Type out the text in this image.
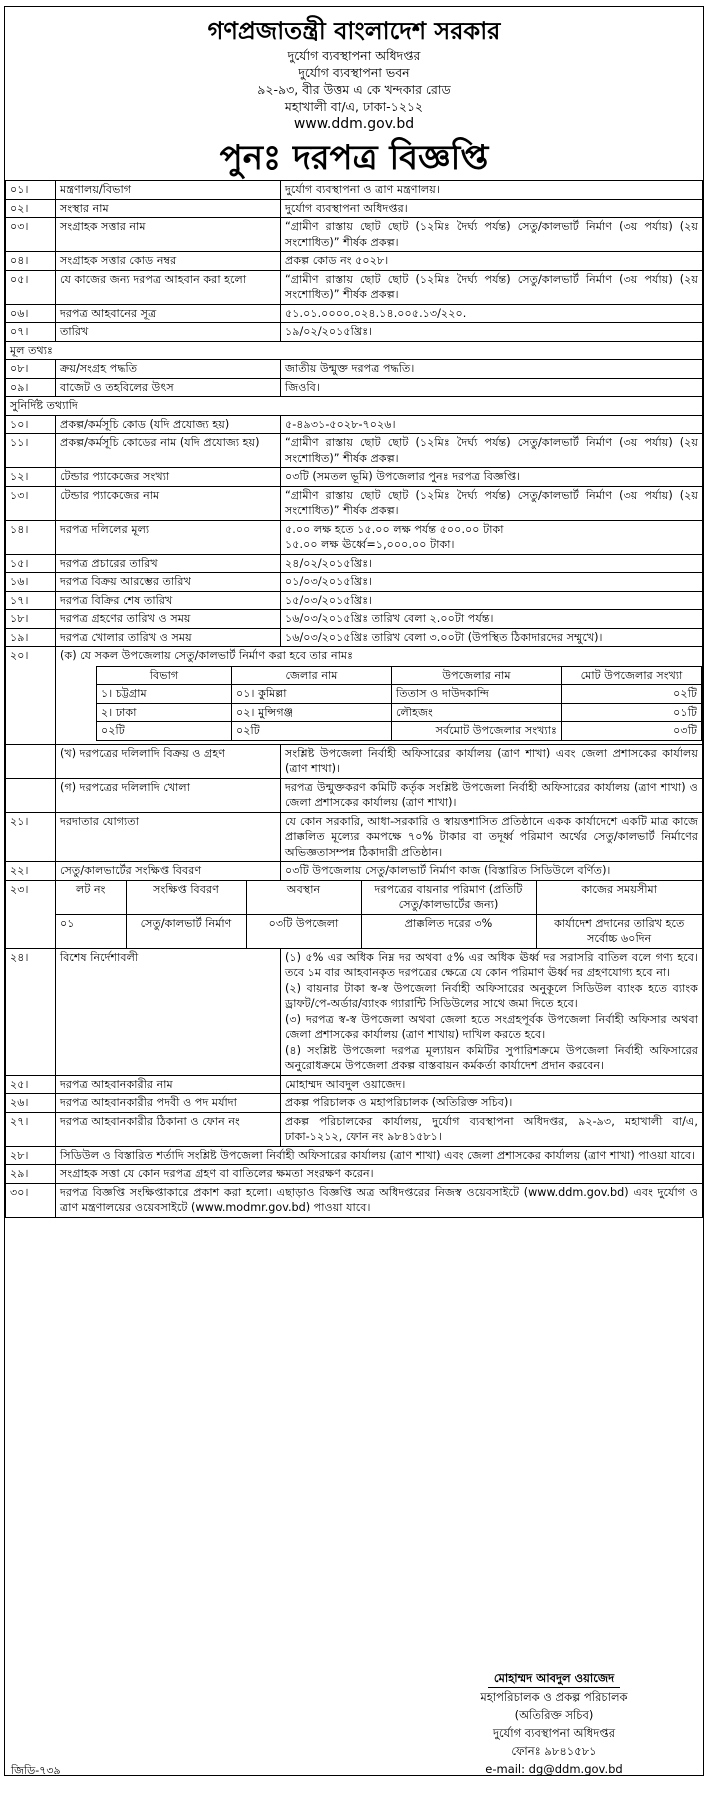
গণপ্রজাতন্ত্রী বাংলাদেশ সরকার
দুর্যোগ ব্যবস্থাপনা অধিদপ্তর
দুর্যোগ ব্যবস্থাপনা ভবন
৯২-৯৩, বীর উত্তম এ কে খন্দকার রোড
মহাখালী বা/এ, ঢাকা-১২১২
www.ddm.gov.bd
পুনঃ দরপত্র বিজ্ঞপ্তি
০১।	মন্ত্রণালয়/বিভাগ	দুর্যোগ ব্যবস্থাপনা ও ত্রাণ মন্ত্রণালয়।
০২।	সংস্থার নাম	দুর্যোগ ব্যবস্থাপনা অধিদপ্তর।
০৩।	সংগ্রাহক সত্তার নাম	“গ্রামীণ রাস্তায় ছোট ছোট (১২মিঃ দৈর্ঘ্য পর্যন্ত) সেতু/কালভার্ট নির্মাণ (৩য় পর্যায়) (২য় সংশোধিত)” শীর্ষক প্রকল্প।
০৪।	সংগ্রাহক সত্তার কোড নম্বর	প্রকল্প কোড নং ৫০২৮।
০৫।	যে কাজের জন্য দরপত্র আহবান করা হলো	“গ্রামীণ রাস্তায় ছোট ছোট (১২মিঃ দৈর্ঘ্য পর্যন্ত) সেতু/কালভার্ট নির্মাণ (৩য় পর্যায়) (২য় সংশোধিত)” শীর্ষক প্রকল্প।
০৬।	দরপত্র আহবানের সূত্র	৫১.০১.০০০০.০২৪.১৪.০০৫.১৩/২২০.
০৭।	তারিখ	১৯/০২/২০১৫খ্রিঃ।
মূল তথ্যঃ
০৮।	ক্রয়/সংগ্রহ পদ্ধতি	জাতীয় উন্মুক্ত দরপত্র পদ্ধতি।
০৯।	বাজেট ও তহবিলের উৎস	জিওবি।
সুনির্দিষ্ট তথ্যাদি
১০।	প্রকল্প/কর্মসূচি কোড (যদি প্রযোজ্য হয়)	৫-৪৯৩১-৫০২৮-৭০২৬।
১১।	প্রকল্প/কর্মসূচি কোডের নাম (যদি প্রযোজ্য হয়)	“গ্রামীণ রাস্তায় ছোট ছোট (১২মিঃ দৈর্ঘ্য পর্যন্ত) সেতু/কালভার্ট নির্মাণ (৩য় পর্যায়) (২য় সংশোধিত)” শীর্ষক প্রকল্প।
১২।	টেন্ডার প্যাকেজের সংখ্যা	০৩টি (সমতল ভূমি) উপজেলার পুনঃ দরপত্র বিজ্ঞপ্তি।
১৩।	টেন্ডার প্যাকেজের নাম	“গ্রামীণ রাস্তায় ছোট ছোট (১২মিঃ দৈর্ঘ্য পর্যন্ত) সেতু/কালভার্ট নির্মাণ (৩য় পর্যায়) (২য় সংশোধিত)” শীর্ষক প্রকল্প।
১৪।	দরপত্র দলিলের মূল্য	৫.০০ লক্ষ হতে ১৫.০০ লক্ষ পর্যন্ত ৫০০.০০ টাকা
১৫.০০ লক্ষ ঊর্ধ্বে=১,০০০.০০ টাকা।

১৫।	দরপত্র প্রচারের তারিখ	২৪/০২/২০১৫খ্রিঃ।
১৬।	দরপত্র বিক্রয় আরম্ভের তারিখ	০১/০৩/২০১৫খ্রিঃ।
১৭।	দরপত্র বিক্রির শেষ তারিখ	১৫/০৩/২০১৫খ্রিঃ।
১৮।	দরপত্র গ্রহণের তারিখ ও সময়	১৬/০৩/২০১৫খ্রিঃ তারিখ বেলা ২.০০টা পর্যন্ত।
১৯।	দরপত্র খোলার তারিখ ও সময়	১৬/০৩/২০১৫খ্রিঃ তারিখ বেলা ৩.০০টা (উপস্থিত ঠিকাদারদের সম্মুখে)।
২০।	(ক) যে সকল উপজেলায় সেতু/কালভার্ট নির্মাণ করা হবে তার নামঃ
বিভাগ	জেলার নাম	উপজেলার নাম	মোট উপজেলার সংখ্যা
১। চট্টগ্রাম	০১। কুমিল্লা	তিতাস ও দাউদকান্দি	০২টি
২। ঢাকা	০২। মুন্সিগঞ্জ	লৌহজং	০১টি
০২টি	০২টি	সর্বমোট উপজেলার সংখ্যাঃ	০৩টি

	(খ) দরপত্রের দলিলাদি বিক্রয় ও গ্রহণ	সংশ্লিষ্ট উপজেলা নির্বাহী অফিসারের কার্যালয় (ত্রাণ শাখা) এবং জেলা প্রশাসকের কার্যালয় (ত্রাণ শাখা)।
	(গ) দরপত্রের দলিলাদি খোলা	দরপত্র উন্মুক্তকরণ কমিটি কর্তৃক সংশ্লিষ্ট উপজেলা নির্বাহী অফিসারের কার্যালয় (ত্রাণ শাখা) ও জেলা প্রশাসকের কার্যালয় (ত্রাণ শাখা)।
২১।	দরদাতার যোগ্যতা	যে কোন সরকারি, আধা-সরকারি ও স্বায়ত্তশাসিত প্রতিষ্ঠানে একক কার্যাদেশে একটি মাত্র কাজে প্রাক্কলিত মূল্যের কমপক্ষে ৭০% টাকার বা তদূর্ধ্ব পরিমাণ অর্থের সেতু/কালভার্ট নির্মাণের অভিজ্ঞতাসম্পন্ন ঠিকাদারী প্রতিষ্ঠান।
২২।	সেতু/কালভার্টের সংক্ষিপ্ত বিবরণ	০৩টি উপজেলায় সেতু/কালভার্ট নির্মাণ কাজ (বিস্তারিত সিডিউলে বর্ণিত)।
২৩।		লট নং	সংক্ষিপ্ত বিবরণ	অবস্থান	দরপত্রের বায়নার পরিমাণ (প্রতিটি সেতু/কালভার্টের জন্য)	কাজের সময়সীমা
০১	সেতু/কালভার্ট নির্মাণ	০৩টি উপজেলা	প্রাক্কলিত দরের ৩%	কার্যাদেশ প্রদানের তারিখ হতে সর্বোচ্চ ৬০দিন

২৪।	বিশেষ নির্দেশাবলী	(১) ৫% এর অধিক নিম্ন দর অথবা ৫% এর অধিক ঊর্ধ্ব দর সরাসরি বাতিল বলে গণ্য হবে। তবে ১ম বার আহবানকৃত দরপত্রের ক্ষেত্রে যে কোন পরিমাণ ঊর্ধ্ব দর গ্রহণযোগ্য হবে না।
(২) বায়নার টাকা স্ব-স্ব উপজেলা নির্বাহী অফিসারের অনুকূলে সিডিউল ব্যাংক হতে ব্যাংক ড্রাফট/পে-অর্ডার/ব্যাংক গ্যারান্টি সিডিউলের সাথে জমা দিতে হবে।
(৩) দরপত্র স্ব-স্ব উপজেলা অথবা জেলা হতে সংগ্রহপূর্বক উপজেলা নির্বাহী অফিসার অথবা জেলা প্রশাসকের কার্যালয় (ত্রাণ শাখায়) দাখিল করতে হবে।
(৪) সংশ্লিষ্ট উপজেলা দরপত্র মূল্যায়ন কমিটির সুপারিশক্রমে উপজেলা নির্বাহী অফিসারের অনুরোধক্রমে উপজেলা প্রকল্প বাস্তবায়ন কর্মকর্তা কার্যাদেশ প্রদান করবেন।

২৫।	দরপত্র আহবানকারীর নাম	মোহাম্মদ আবদুল ওয়াজেদ।
২৬।	দরপত্র আহবানকারীর পদবী ও পদ মর্যাদা	প্রকল্প পরিচালক ও মহাপরিচালক (অতিরিক্ত সচিব)।
২৭।	দরপত্র আহবানকারীর ঠিকানা ও ফোন নং	প্রকল্প পরিচালকের কার্যালয়, দুর্যোগ ব্যবস্থাপনা অধিদপ্তর, ৯২-৯৩, মহাখালী বা/এ, ঢাকা-১২১২, ফোন নং ৯৮৪১৫৮১।
২৮।	সিডিউল ও বিস্তারিত শর্তাদি সংশ্লিষ্ট উপজেলা নির্বাহী অফিসারের কার্যালয় (ত্রাণ শাখা) এবং জেলা প্রশাসকের কার্যালয় (ত্রাণ শাখা) পাওয়া যাবে।
২৯।	সংগ্রাহক সত্তা যে কোন দরপত্র গ্রহণ বা বাতিলের ক্ষমতা সংরক্ষণ করেন।
৩০।	দরপত্র বিজ্ঞপ্তি সংক্ষিপ্তাকারে প্রকাশ করা হলো। এছাড়াও বিজ্ঞপ্তি অত্র অধিদপ্তরের নিজস্ব ওয়েবসাইটে (www.ddm.gov.bd) এবং দুর্যোগ ও ত্রাণ মন্ত্রণালয়ের ওয়েবসাইটে (www.modmr.gov.bd) পাওয়া যাবে।
মোহাম্মদ আবদুল ওয়াজেদ
মহাপরিচালক ও প্রকল্প পরিচালক
(অতিরিক্ত সচিব)
দুর্যোগ ব্যবস্থাপনা অধিদপ্তর
ফোনঃ ৯৮৪১৫৮১
e-mail: dg@ddm.gov.bd
জিডি-৭৩৯
